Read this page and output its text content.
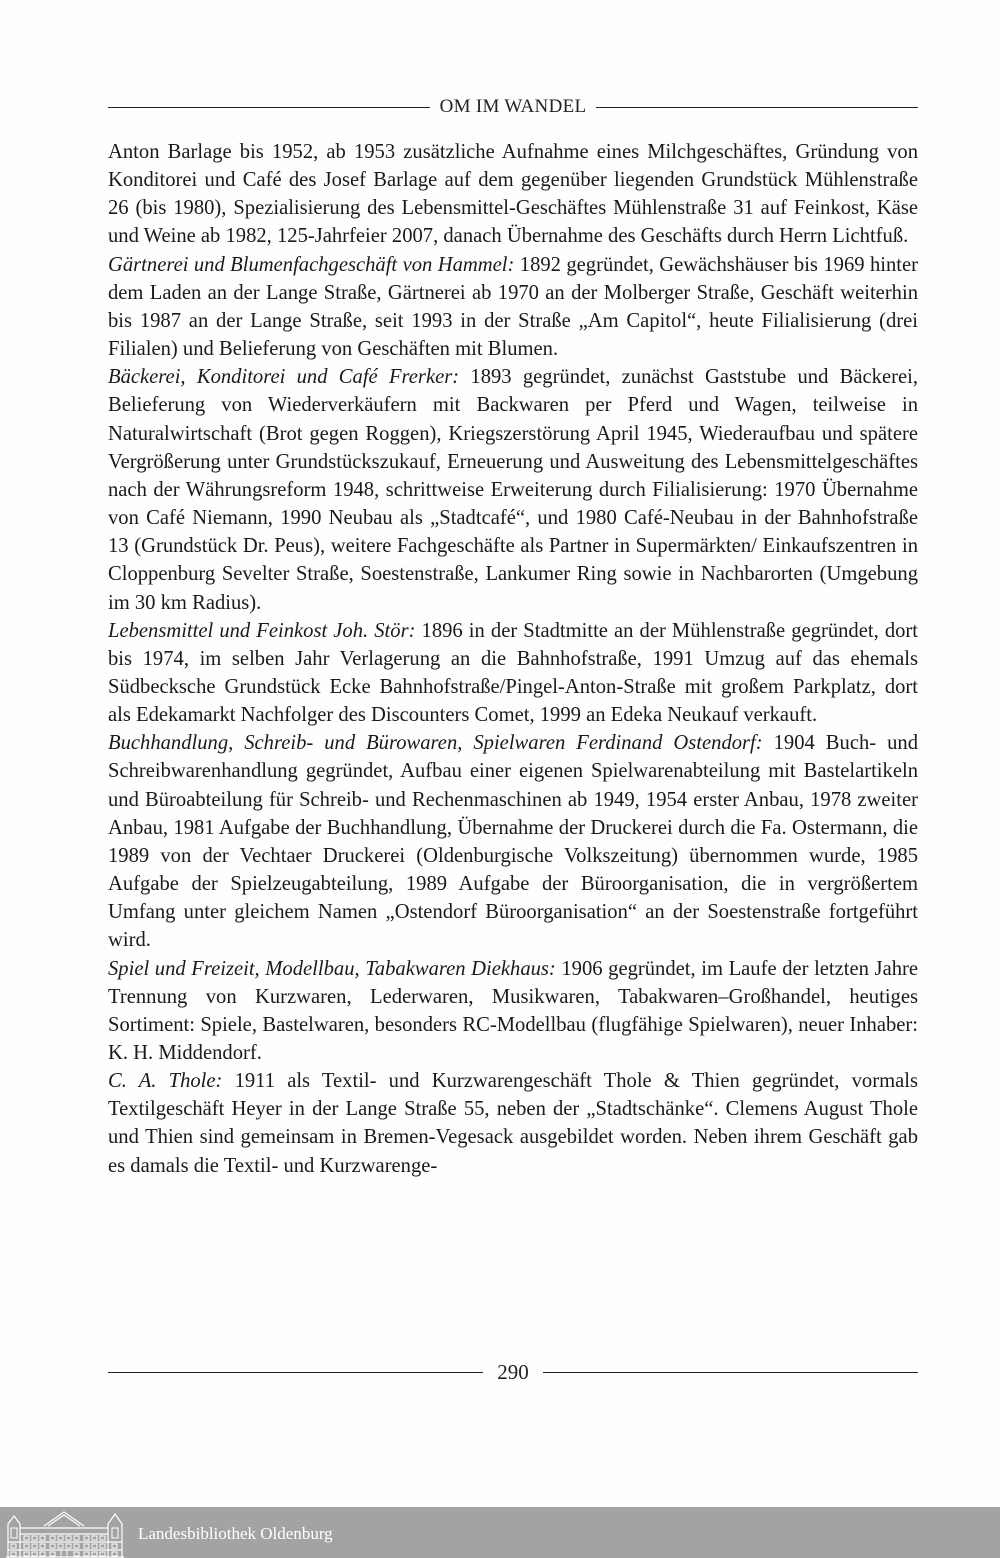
OM IM WANDEL

Anton Barlage bis 1952, ab 1953 zusätzliche Aufnahme eines Milchgeschäftes, Gründung von Konditorei und Café des Josef Barlage auf dem gegenüber liegenden Grundstück Mühlenstraße 26 (bis 1980), Spezialisierung des Lebensmittel-Geschäftes Mühlenstraße 31 auf Feinkost, Käse und Weine ab 1982, 125-Jahrfeier 2007, danach Übernahme des Geschäfts durch Herrn Lichtfuß.

Gärtnerei und Blumenfachgeschäft von Hammel: 1892 gegründet, Gewächshäuser bis 1969 hinter dem Laden an der Lange Straße, Gärtnerei ab 1970 an der Molberger Straße, Geschäft weiterhin bis 1987 an der Lange Straße, seit 1993 in der Straße „Am Capitol“, heute Filialisierung (drei Filialen) und Belieferung von Geschäften mit Blumen.

Bäckerei, Konditorei und Café Frerker: 1893 gegründet, zunächst Gaststube und Bäckerei, Belieferung von Wiederverkäufern mit Backwaren per Pferd und Wagen, teilweise in Naturalwirtschaft (Brot gegen Roggen), Kriegszerstörung April 1945, Wiederaufbau und spätere Vergrößerung unter Grundstückszukauf, Erneuerung und Ausweitung des Lebensmittelgeschäftes nach der Währungsreform 1948, schrittweise Erweiterung durch Filialisierung: 1970 Übernahme von Café Niemann, 1990 Neubau als „Stadtcafé“, und 1980 Café-Neubau in der Bahnhofstraße 13 (Grundstück Dr. Peus), weitere Fachgeschäfte als Partner in Supermärkten/ Einkaufszentren in Cloppenburg Sevelter Straße, Soestenstraße, Lankumer Ring sowie in Nachbarorten (Umgebung im 30 km Radius).

Lebensmittel und Feinkost Joh. Stör: 1896 in der Stadtmitte an der Mühlenstraße gegründet, dort bis 1974, im selben Jahr Verlagerung an die Bahnhofstraße, 1991 Umzug auf das ehemals Südbecksche Grundstück Ecke Bahnhofstraße/Pingel-Anton-Straße mit großem Parkplatz, dort als Edekamarkt Nachfolger des Discounters Comet, 1999 an Edeka Neukauf verkauft.

Buchhandlung, Schreib- und Bürowaren, Spielwaren Ferdinand Ostendorf: 1904 Buch- und Schreibwarenhandlung gegründet, Aufbau einer eigenen Spielwarenabteilung mit Bastelartikeln und Büroabteilung für Schreib- und Rechenmaschinen ab 1949, 1954 erster Anbau, 1978 zweiter Anbau, 1981 Aufgabe der Buchhandlung, Übernahme der Druckerei durch die Fa. Ostermann, die 1989 von der Vechtaer Druckerei (Oldenburgische Volkszeitung) übernommen wurde, 1985 Aufgabe der Spielzeugabteilung, 1989 Aufgabe der Büroorganisation, die in vergrößertem Umfang unter gleichem Namen „Ostendorf Büroorganisation“ an der Soestenstraße fortgeführt wird.

Spiel und Freizeit, Modellbau, Tabakwaren Diekhaus: 1906 gegründet, im Laufe der letzten Jahre Trennung von Kurzwaren, Lederwaren, Musikwaren, Tabakwaren–Großhandel, heutiges Sortiment: Spiele, Bastelwaren, besonders RC-Modellbau (flugfähige Spielwaren), neuer Inhaber: K. H. Middendorf.

C. A. Thole: 1911 als Textil- und Kurzwarengeschäft Thole & Thien gegründet, vormals Textilgeschäft Heyer in der Lange Straße 55, neben der „Stadtschänke“. Clemens August Thole und Thien sind gemeinsam in Bremen-Vegesack ausgebildet worden. Neben ihrem Geschäft gab es damals die Textil- und Kurzwarenge-

290
Landesbibliothek Oldenburg
